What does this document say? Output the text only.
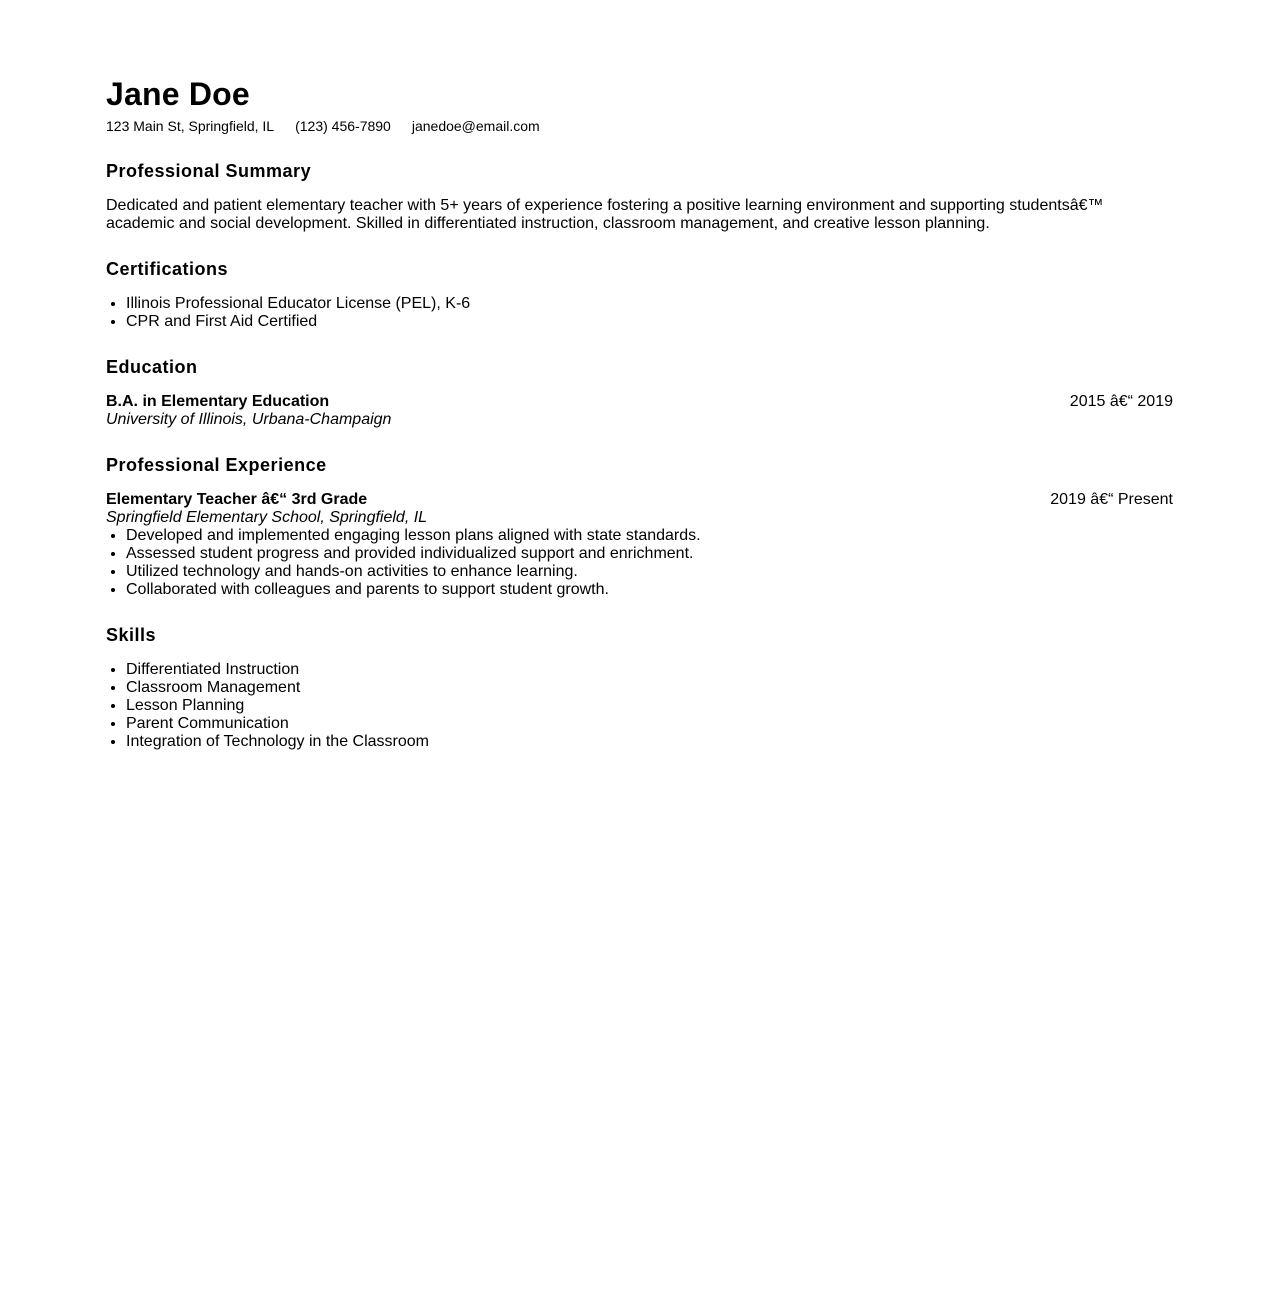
Jane Doe
123 Main St, Springfield, IL (123) 456-7890 janedoe@email.com
Professional Summary

Dedicated and patient elementary teacher with 5+ years of experience fostering a positive learning environment and supporting studentsâ€™ academic and social development. Skilled in differentiated instruction, classroom management, and creative lesson planning.

Certifications
• Illinois Professional Educator License (PEL), K-6
• CPR and First Aid Certified
Education
B.A. in Elementary Education	2015 â€“ 2019
University of Illinois, Urbana-Champaign
Professional Experience
Elementary Teacher â€“ 3rd Grade	2019 â€“ Present
Springfield Elementary School, Springfield, IL
• Developed and implemented engaging lesson plans aligned with state standards.
• Assessed student progress and provided individualized support and enrichment.
• Utilized technology and hands-on activities to enhance learning.
• Collaborated with colleagues and parents to support student growth.
Skills
• Differentiated Instruction
• Classroom Management
• Lesson Planning
• Parent Communication
• Integration of Technology in the Classroom
